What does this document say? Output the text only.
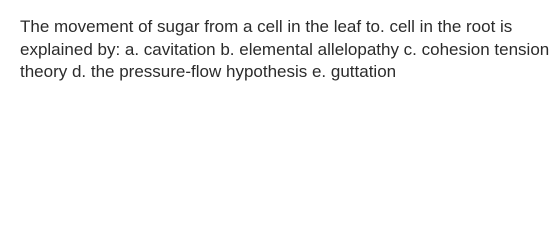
The movement of sugar from a cell in the leaf to. cell in the root is explained by: a. cavitation b. elemental allelopathy c. cohesion tension theory d. the pressure-flow hypothesis e. guttation
